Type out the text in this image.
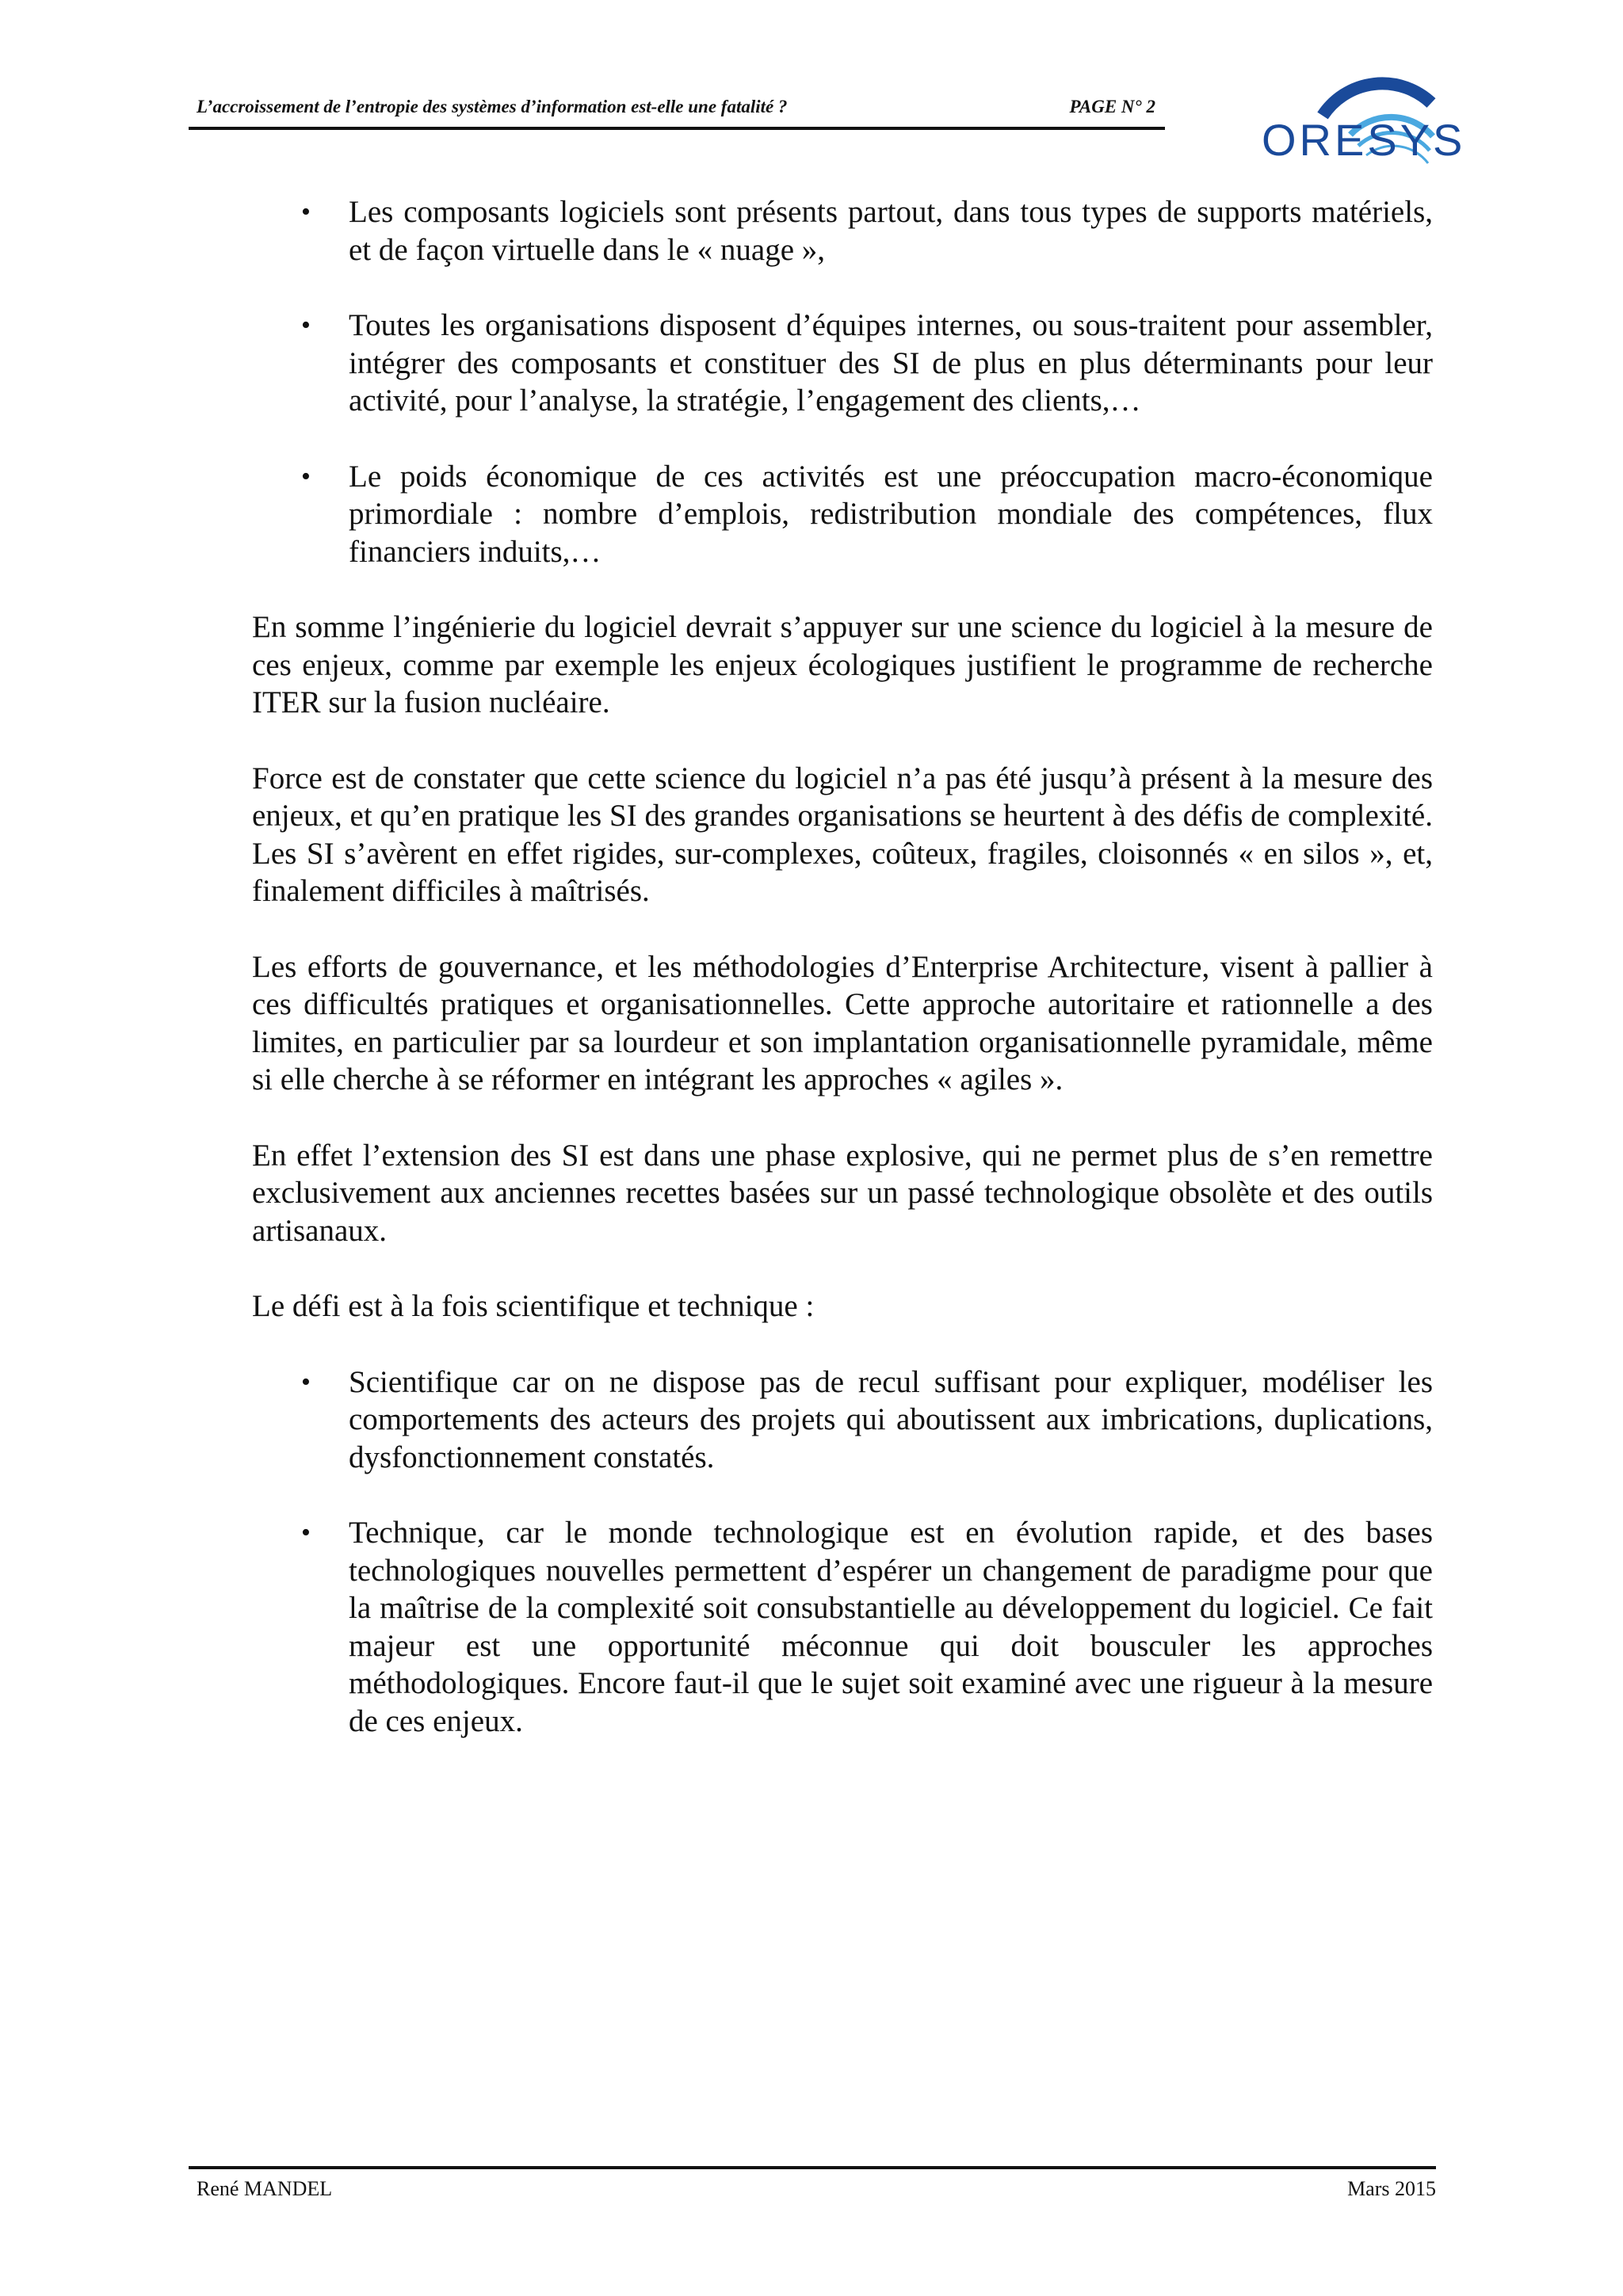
L’accroissement de l’entropie des systèmes d’information est-elle une fatalité ?	PAGE N° 2
ORESYS
• Les composants logiciels sont présents partout, dans tous types de supports matériels, et de façon virtuelle dans le « nuage »,
• Toutes les organisations disposent d’équipes internes, ou sous-traitent pour assembler, intégrer des composants et constituer des SI de plus en plus déterminants pour leur activité, pour l’analyse, la stratégie, l’engagement des clients,…
• Le poids économique de ces activités est une préoccupation macro-économique primordiale : nombre d’emplois, redistribution mondiale des compétences, flux financiers induits,…

En somme l’ingénierie du logiciel devrait s’appuyer sur une science du logiciel à la mesure de ces enjeux, comme par exemple les enjeux écologiques justifient le programme de recherche ITER sur la fusion nucléaire.

Force est de constater que cette science du logiciel n’a pas été jusqu’à présent à la mesure des enjeux, et qu’en pratique les SI des grandes organisations se heurtent à des défis de complexité. Les SI s’avèrent en effet rigides, sur-complexes, coûteux, fragiles, cloisonnés « en silos », et, finalement difficiles à maîtrisés.

Les efforts de gouvernance, et les méthodologies d’Enterprise Architecture, visent à pallier à ces difficultés pratiques et organisationnelles. Cette approche autoritaire et rationnelle a des limites, en particulier par sa lourdeur et son implantation organisationnelle pyramidale, même si elle cherche à se réformer en intégrant les approches « agiles ».

En effet l’extension des SI est dans une phase explosive, qui ne permet plus de s’en remettre exclusivement aux anciennes recettes basées sur un passé technologique obsolète et des outils artisanaux.

Le défi est à la fois scientifique et technique :

• Scientifique car on ne dispose pas de recul suffisant pour expliquer, modéliser les comportements des acteurs des projets qui aboutissent aux imbrications, duplications, dysfonctionnement constatés.
• Technique, car le monde technologique est en évolution rapide, et des bases technologiques nouvelles permettent d’espérer un changement de paradigme pour que la maîtrise de la complexité soit consubstantielle au développement du logiciel. Ce fait majeur est une opportunité méconnue qui doit bousculer les approches méthodologiques. Encore faut-il que le sujet soit examiné avec une rigueur à la mesure de ces enjeux.
René MANDEL	Mars 2015
